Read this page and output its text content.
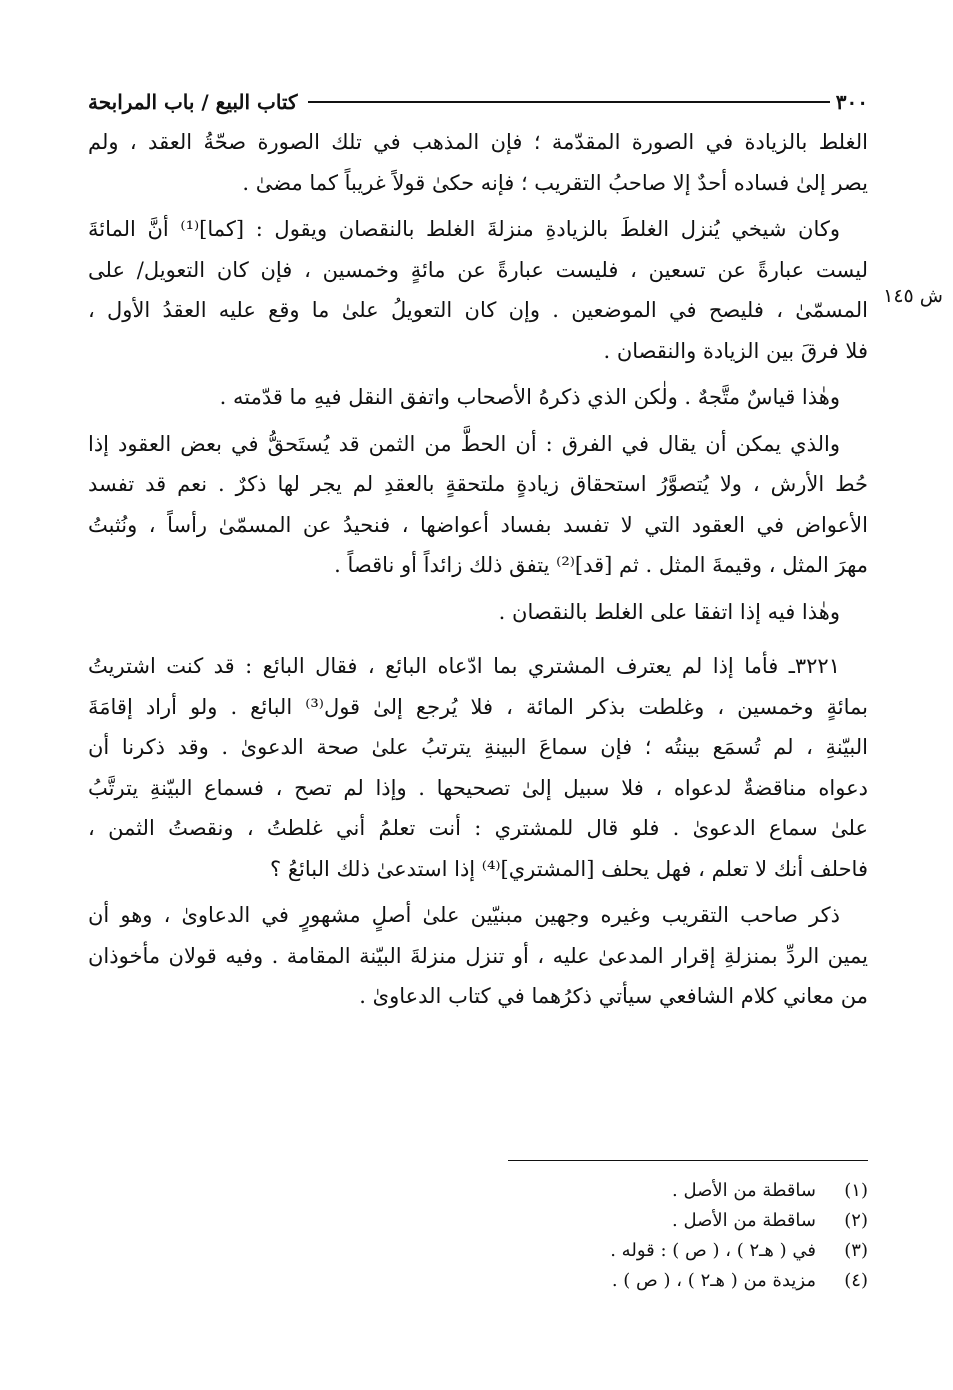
٣٠٠
كتاب البيع / باب المرابحة
الغلط بالزيادة في الصورة المقدّمة ؛ فإن المذهب في تلك الصورة صحّةُ العقد ، ولم
يصر إلىٰ فساده أحدٌ إلا صاحبُ التقريب ؛ فإنه حكىٰ قولاً غريباً كما مضىٰ .
وكان شيخي يُنزل الغلطَ بالزيادةِ منزلةَ الغلط بالنقصان ويقول : [كما]⁽¹⁾ أنَّ المائةَ
ليست عبارةً عن تسعين ، فليست عبارةً عن مائةٍ وخمسين ، فإن كان التعويل/ على
المسمّىٰ ، فليصح في الموضعين . وإن كان التعويلُ علىٰ ما وقع عليه العقدُ الأول ،
فلا فرقَ بين الزيادة والنقصان .
وهٰذا قياسٌ متَّجهٌ . ولٰكن الذي ذكرهُ الأصحاب واتفق النقل فيهِ ما قدّمته .
والذي يمكن أن يقال في الفرق : أن الحطَّ من الثمن قد يُستَحقُّ في بعض العقود إذا
حُط الأرش ، ولا يُتصوَّرُ استحقاق زيادةٍ ملتحقةٍ بالعقدِ لم يجر لها ذكرٌ . نعم قد تفسد
الأعواض في العقود التي لا تفسد بفساد أعواضها ، فنحيدُ عن المسمّىٰ رأساً ، ونُثبتُ
مهرَ المثل ، وقيمةَ المثل . ثم [قد]⁽²⁾ يتفق ذلك زائداً أو ناقصاً .
وهٰذا فيه إذا اتفقا على الغلط بالنقصان .
٣٢٢١ـ فأما إذا لم يعترف المشتري بما ادّعاه البائع ، فقال البائع : قد كنت اشتريتُ
بمائةٍ وخمسين ، وغلطت بذكر المائة ، فلا يُرجع إلىٰ قول⁽³⁾ البائع . ولو أراد إقامَةَ
البيّنةِ ، لم تُسمَع بينتُه ؛ فإن سماعَ البينةِ يترتبُ علىٰ صحة الدعوىٰ . وقد ذكرنا أن
دعواه مناقضةٌ لدعواه ، فلا سبيل إلىٰ تصحيحها . وإذا لم تصح ، فسماع البيّنةِ يترتَّبُ
علىٰ سماع الدعوىٰ . فلو قال للمشتري : أنت تعلمُ أني غلطتُ ، ونقصتُ الثمن ،
فاحلف أنك لا تعلم ، فهل يحلف [المشتري]⁽⁴⁾ إذا استدعىٰ ذلك البائعُ ؟
ذكر صاحب التقريب وغيره وجهين مبنيّين علىٰ أصلٍ مشهورٍ في الدعاوىٰ ، وهو أن
يمين الردِّ بمنزلةِ إقرار المدعىٰ عليه ، أو تنزل منزلةَ البيّنة المقامة . وفيه قولان مأخوذان
من معاني كلام الشافعي سيأتي ذكرُهما في كتاب الدعاوىٰ .
ش ١٤٥
(١)
ساقطة من الأصل .
(٢)
ساقطة من الأصل .
(٣)
في ( هـ٢ ) ، ( ص ) : قوله .
(٤)
مزيدة من ( هـ٢ ) ، ( ص ) .
